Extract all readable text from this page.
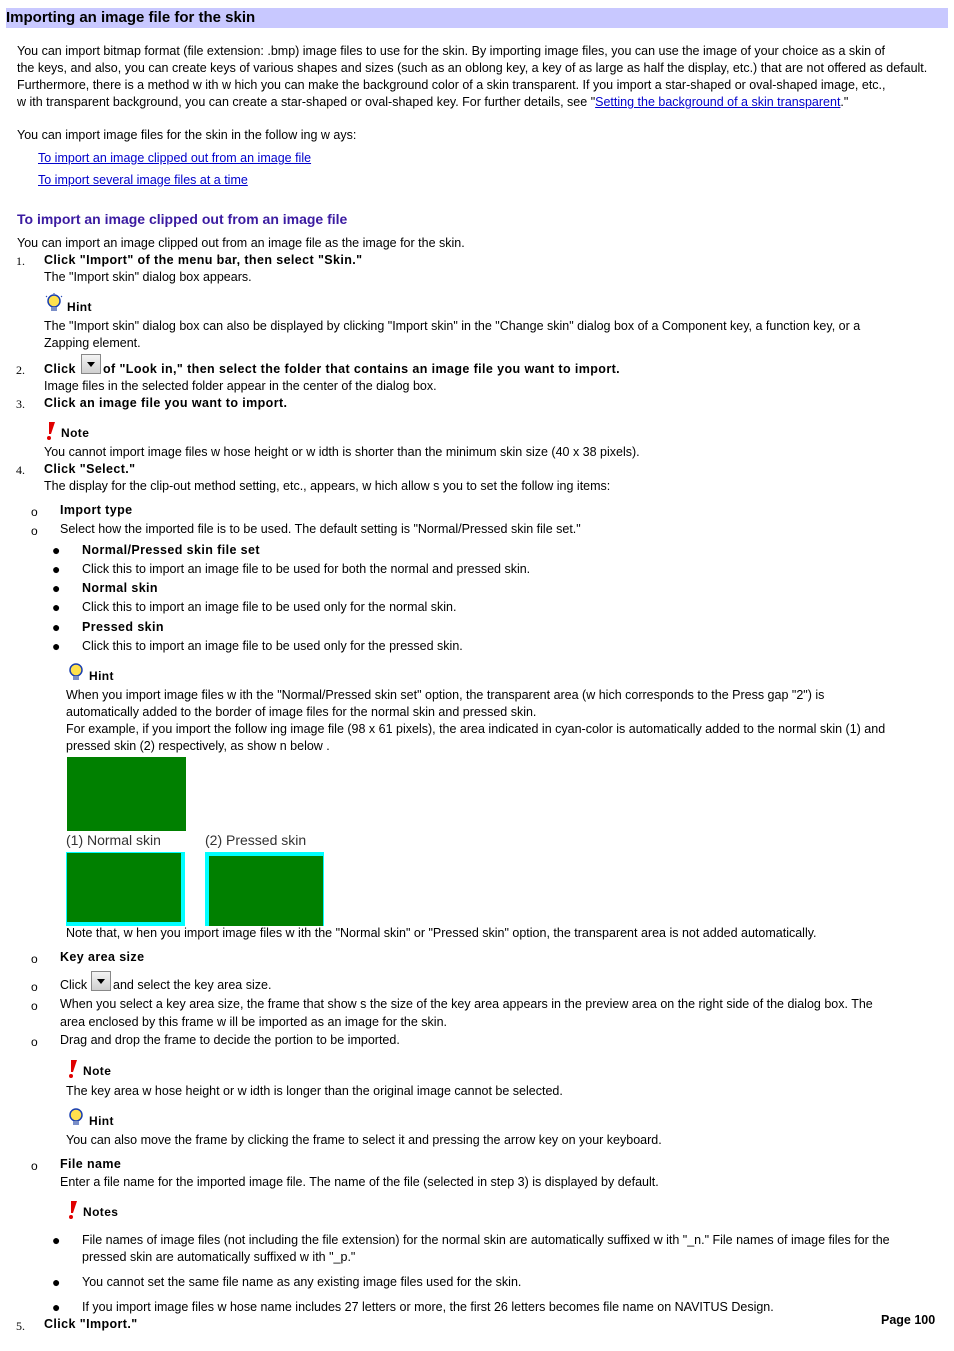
Importing an image file for the skin
You can import bitmap format (file extension: .bmp) image files to use for the skin. By importing image files, you can use the image of your choice as a skin of
the keys, and also, you can create keys of various shapes and sizes (such as an oblong key, a key of as large as half the display, etc.) that are not offered as default.
Furthermore, there is a method w ith w hich you can make the background color of a skin transparent. If you import a star-shaped or oval-shaped image, etc.,
w ith transparent background, you can create a star-shaped or oval-shaped key. For further details, see "Setting the background of a skin transparent."
You can import image files for the skin in the follow ing w ays:
To import an image clipped out from an image file
To import several image files at a time
To import an image clipped out from an image file
You can import an image clipped out from an image file as the image for the skin.
1. Click "Import" of the menu bar, then select "Skin."
The "Import skin" dialog box appears.
Hint
The "Import skin" dialog box can also be displayed by clicking "Import skin" in the "Change skin" dialog box of a Component key, a function key, or a
Zapping element.
2. Click of "Look in," then select the folder that contains an image file you want to import.
Image files in the selected folder appear in the center of the dialog box.
3. Click an image file you want to import.
Note
You cannot import image files w hose height or w idth is shorter than the minimum skin size (40 x 38 pixels).
4. Click "Select."
The display for the clip-out method setting, etc., appears, w hich allow s you to set the follow ing items:
o Import type
o Select how the imported file is to be used. The default setting is "Normal/Pressed skin file set."
● Normal/Pressed skin file set
● Click this to import an image file to be used for both the normal and pressed skin.
● Normal skin
● Click this to import an image file to be used only for the normal skin.
● Pressed skin
● Click this to import an image file to be used only for the pressed skin.
Hint
When you import image files w ith the "Normal/Pressed skin set" option, the transparent area (w hich corresponds to the Press gap "2") is
automatically added to the border of image files for the normal skin and pressed skin.
For example, if you import the follow ing image file (98 x 61 pixels), the area indicated in cyan-color is automatically added to the normal skin (1) and
pressed skin (2) respectively, as show n below .
(1) Normal skin	(2) Pressed skin
Note that, w hen you import image files w ith the "Normal skin" or "Pressed skin" option, the transparent area is not added automatically.
o Key area size
o Click and select the key area size.
o When you select a key area size, the frame that show s the size of the key area appears in the preview area on the right side of the dialog box. The
area enclosed by this frame w ill be imported as an image for the skin.
o Drag and drop the frame to decide the portion to be imported.
Note
The key area w hose height or w idth is longer than the original image cannot be selected.
Hint
You can also move the frame by clicking the frame to select it and pressing the arrow key on your keyboard.
o File name
Enter a file name for the imported image file. The name of the file (selected in step 3) is displayed by default.
Notes
● File names of image files (not including the file extension) for the normal skin are automatically suffixed w ith "_n." File names of image files for the
pressed skin are automatically suffixed w ith "_p."
● You cannot set the same file name as any existing image files used for the skin.
● If you import image files w hose name includes 27 letters or more, the first 26 letters becomes file name on NAVITUS Design.
5. Click "Import."	Page 100
